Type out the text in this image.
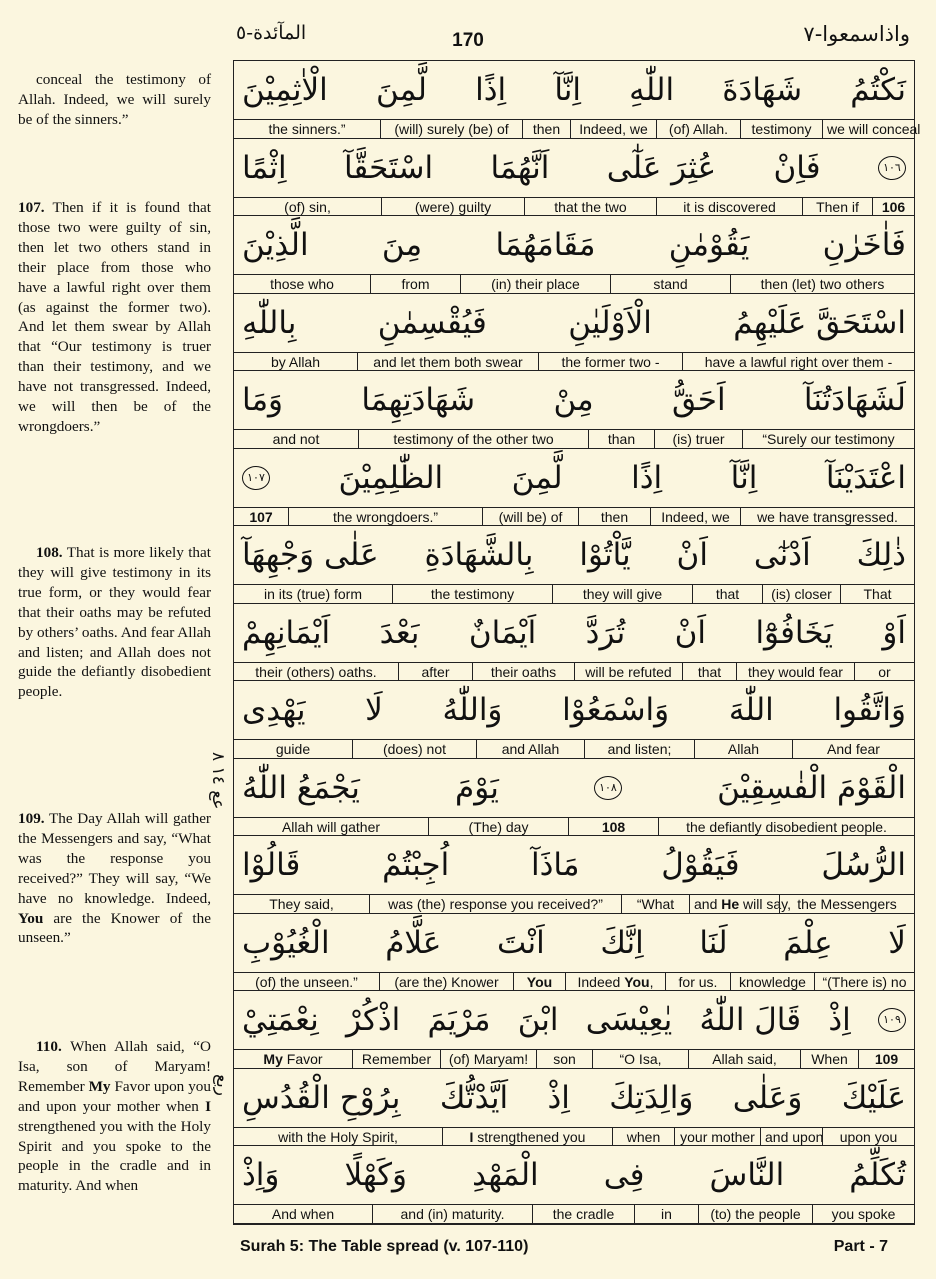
واذاسمعوا-٧
170
المآئدة-٥
conceal the testimony of Allah. Indeed, we will surely be of the sinners.”
107. Then if it is found that those two were guilty of sin, then let two others stand in their place from those who have a lawful right over them (as against the former two). And let them swear by Allah that “Our testimony is truer than their testimony, and we have not transgressed. Indeed, we will then be of the wrongdoers.”
108. That is more likely that they will give testimony in its true form, or they would fear that their oaths may be refuted by others’ oaths. And fear Allah and listen; and Allah does not guide the defiantly disobedient people.
109. The Day Allah will gather the Messengers and say, “What was the response you received?” They will say, “We have no knowledge. Indeed, You are the Knower of the unseen.”
110. When Allah said, “O Isa, son of Maryam! Remember My Favor upon you and upon your mother when I strengthened you with the Holy Spirit and you spoke to the people in the cradle and in maturity. And when
عع ١٤ ٨
ربع
نَكْتُمُ
شَهَادَةَ
اللّٰهِ
اِنَّآ
اِذًا
لَّمِنَ
الْاٰثِمِيْنَ
we will conceal
testimony
(of) Allah.
Indeed, we
then
(will) surely (be) of
the sinners.”
١٠٦
فَاِنْ
عُثِرَ عَلٰٓى
اَنَّهُمَا
اسْتَحَقَّآ
اِثْمًا
106
Then if
it is discovered
that the two
(were) guilty
(of) sin,
فَاٰخَرٰنِ
يَقُوْمٰنِ
مَقَامَهُمَا
مِنَ
الَّذِيْنَ
then (let) two others
stand
(in) their place
from
those who
اسْتَحَقَّ عَلَيْهِمُ
الْاَوْلَيٰنِ
فَيُقْسِمٰنِ
بِاللّٰهِ
have a lawful right over them -
the former two -
and let them both swear
by Allah
لَشَهَادَتُنَآ
اَحَقُّ
مِنْ
شَهَادَتِهِمَا
وَمَا
“Surely our testimony
(is) truer
than
testimony of the other two
and not
اعْتَدَيْنَآ
اِنَّآ
اِذًا
لَّمِنَ
الظّٰلِمِيْنَ
١٠٧
we have transgressed.
Indeed, we
then
(will be) of
the wrongdoers.”
107
ذٰلِكَ
اَدْنٰٓى
اَنْ
يَّاْتُوْا
بِالشَّهَادَةِ
عَلٰى وَجْهِهَآ
That
(is) closer
that
they will give
the testimony
in its (true) form
اَوْ
يَخَافُوْٓا
اَنْ
تُرَدَّ
اَيْمَانٌ
بَعْدَ
اَيْمَانِهِمْ
or
they would fear
that
will be refuted
their oaths
after
their (others) oaths.
وَاتَّقُوا
اللّٰهَ
وَاسْمَعُوْا
وَاللّٰهُ
لَا
يَهْدِى
And fear
Allah
and listen;
and Allah
(does) not
guide
الْقَوْمَ الْفٰسِقِيْنَ
١٠٨
يَوْمَ
يَجْمَعُ اللّٰهُ
the defiantly disobedient people.
108
(The) day
Allah will gather
الرُّسُلَ
فَيَقُوْلُ
مَاذَآ
اُجِبْتُمْ
قَالُوْا
the Messengers
and He will say,
“What
was (the) response you received?”
They said,
لَا
عِلْمَ
لَنَا
اِنَّكَ
اَنْتَ
عَلَّامُ
الْغُيُوْبِ
“(There is) no
knowledge
for us.
Indeed You,
You
(are the) Knower
(of) the unseen.”
١٠٩
اِذْ
قَالَ اللّٰهُ
يٰعِيْسَى
ابْنَ
مَرْيَمَ
اذْكُرْ
نِعْمَتِيْ
109
When
Allah said,
“O Isa,
son
(of) Maryam!
Remember
My Favor
عَلَيْكَ
وَعَلٰى
وَالِدَتِكَ
اِذْ
اَيَّدْتُّكَ
بِرُوْحِ الْقُدُسِ
upon you
and upon
your mother
when
I strengthened you
with the Holy Spirit,
تُكَلِّمُ
النَّاسَ
فِى
الْمَهْدِ
وَكَهْلًا
وَاِذْ
you spoke
(to) the people
in
the cradle
and (in) maturity.
And when
Surah 5: The Table spread (v. 107-110)	Part - 7
